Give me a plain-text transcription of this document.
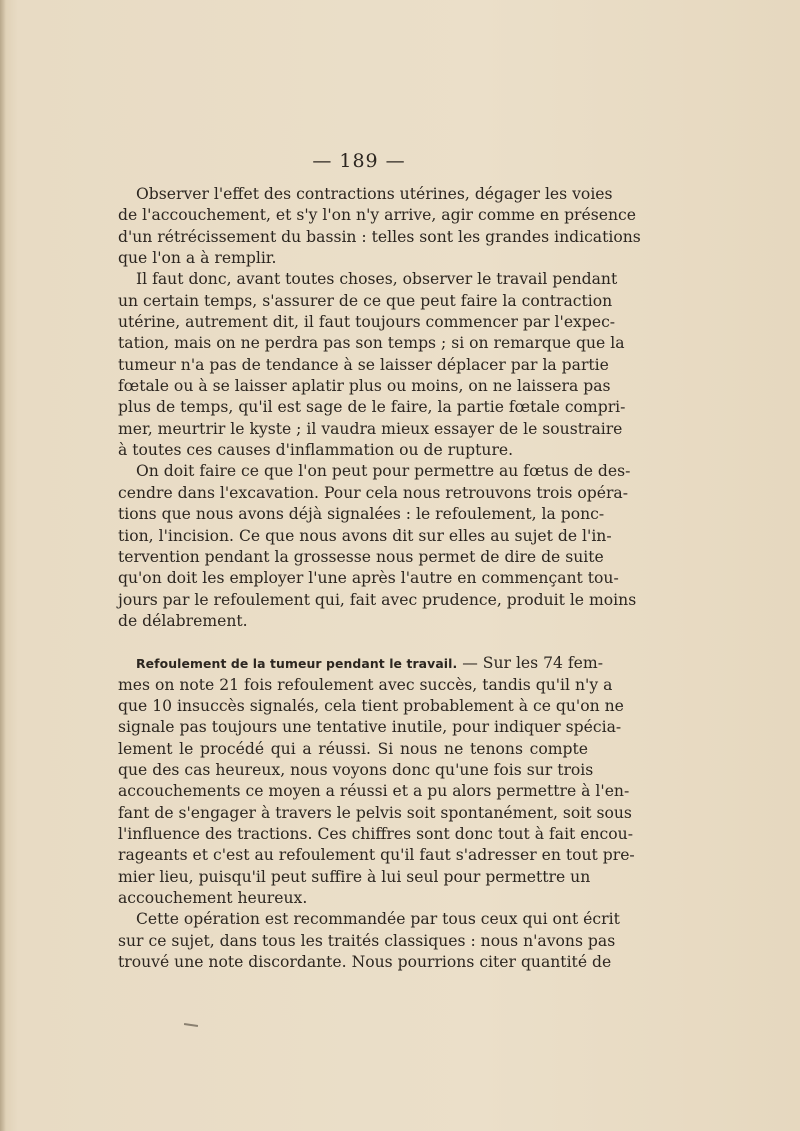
— 189 —
Observer l'effet des contractions utérines, dégager les voies
de l'accouchement, et s'y l'on n'y arrive, agir comme en présence
d'un rétrécissement du bassin : telles sont les grandes indications
que l'on a à remplir.
Il faut donc, avant toutes choses, observer le travail pendant
un certain temps, s'assurer de ce que peut faire la contraction
utérine, autrement dit, il faut toujours commencer par l'expec-
tation, mais on ne perdra pas son temps ; si on remarque que la
tumeur n'a pas de tendance à se laisser déplacer par la partie
fœtale ou à se laisser aplatir plus ou moins, on ne laissera pas
plus de temps, qu'il est sage de le faire, la partie fœtale compri-
mer, meurtrir le kyste ; il vaudra mieux essayer de le soustraire
à toutes ces causes d'inflammation ou de rupture.
On doit faire ce que l'on peut pour permettre au fœtus de des-
cendre dans l'excavation. Pour cela nous retrouvons trois opéra-
tions que nous avons déjà signalées : le refoulement, la ponc-
tion, l'incision. Ce que nous avons dit sur elles au sujet de l'in-
tervention pendant la grossesse nous permet de dire de suite
qu'on doit les employer l'une après l'autre en commençant tou-
jours par le refoulement qui, fait avec prudence, produit le moins
de délabrement.
Refoulement de la tumeur pendant le travail. — Sur les 74 fem-
mes on note 21 fois refoulement avec succès, tandis qu'il n'y a
que 10 insuccès signalés, cela tient probablement à ce qu'on ne
signale pas toujours une tentative inutile, pour indiquer spécia-
lement le procédé qui a réussi. Si nous ne tenons compte
que des cas heureux, nous voyons donc qu'une fois sur trois
accouchements ce moyen a réussi et a pu alors permettre à l'en-
fant de s'engager à travers le pelvis soit spontanément, soit sous
l'influence des tractions. Ces chiffres sont donc tout à fait encou-
rageants et c'est au refoulement qu'il faut s'adresser en tout pre-
mier lieu, puisqu'il peut suffire à lui seul pour permettre un
accouchement heureux.
Cette opération est recommandée par tous ceux qui ont écrit
sur ce sujet, dans tous les traités classiques : nous n'avons pas
trouvé une note discordante. Nous pourrions citer quantité de
